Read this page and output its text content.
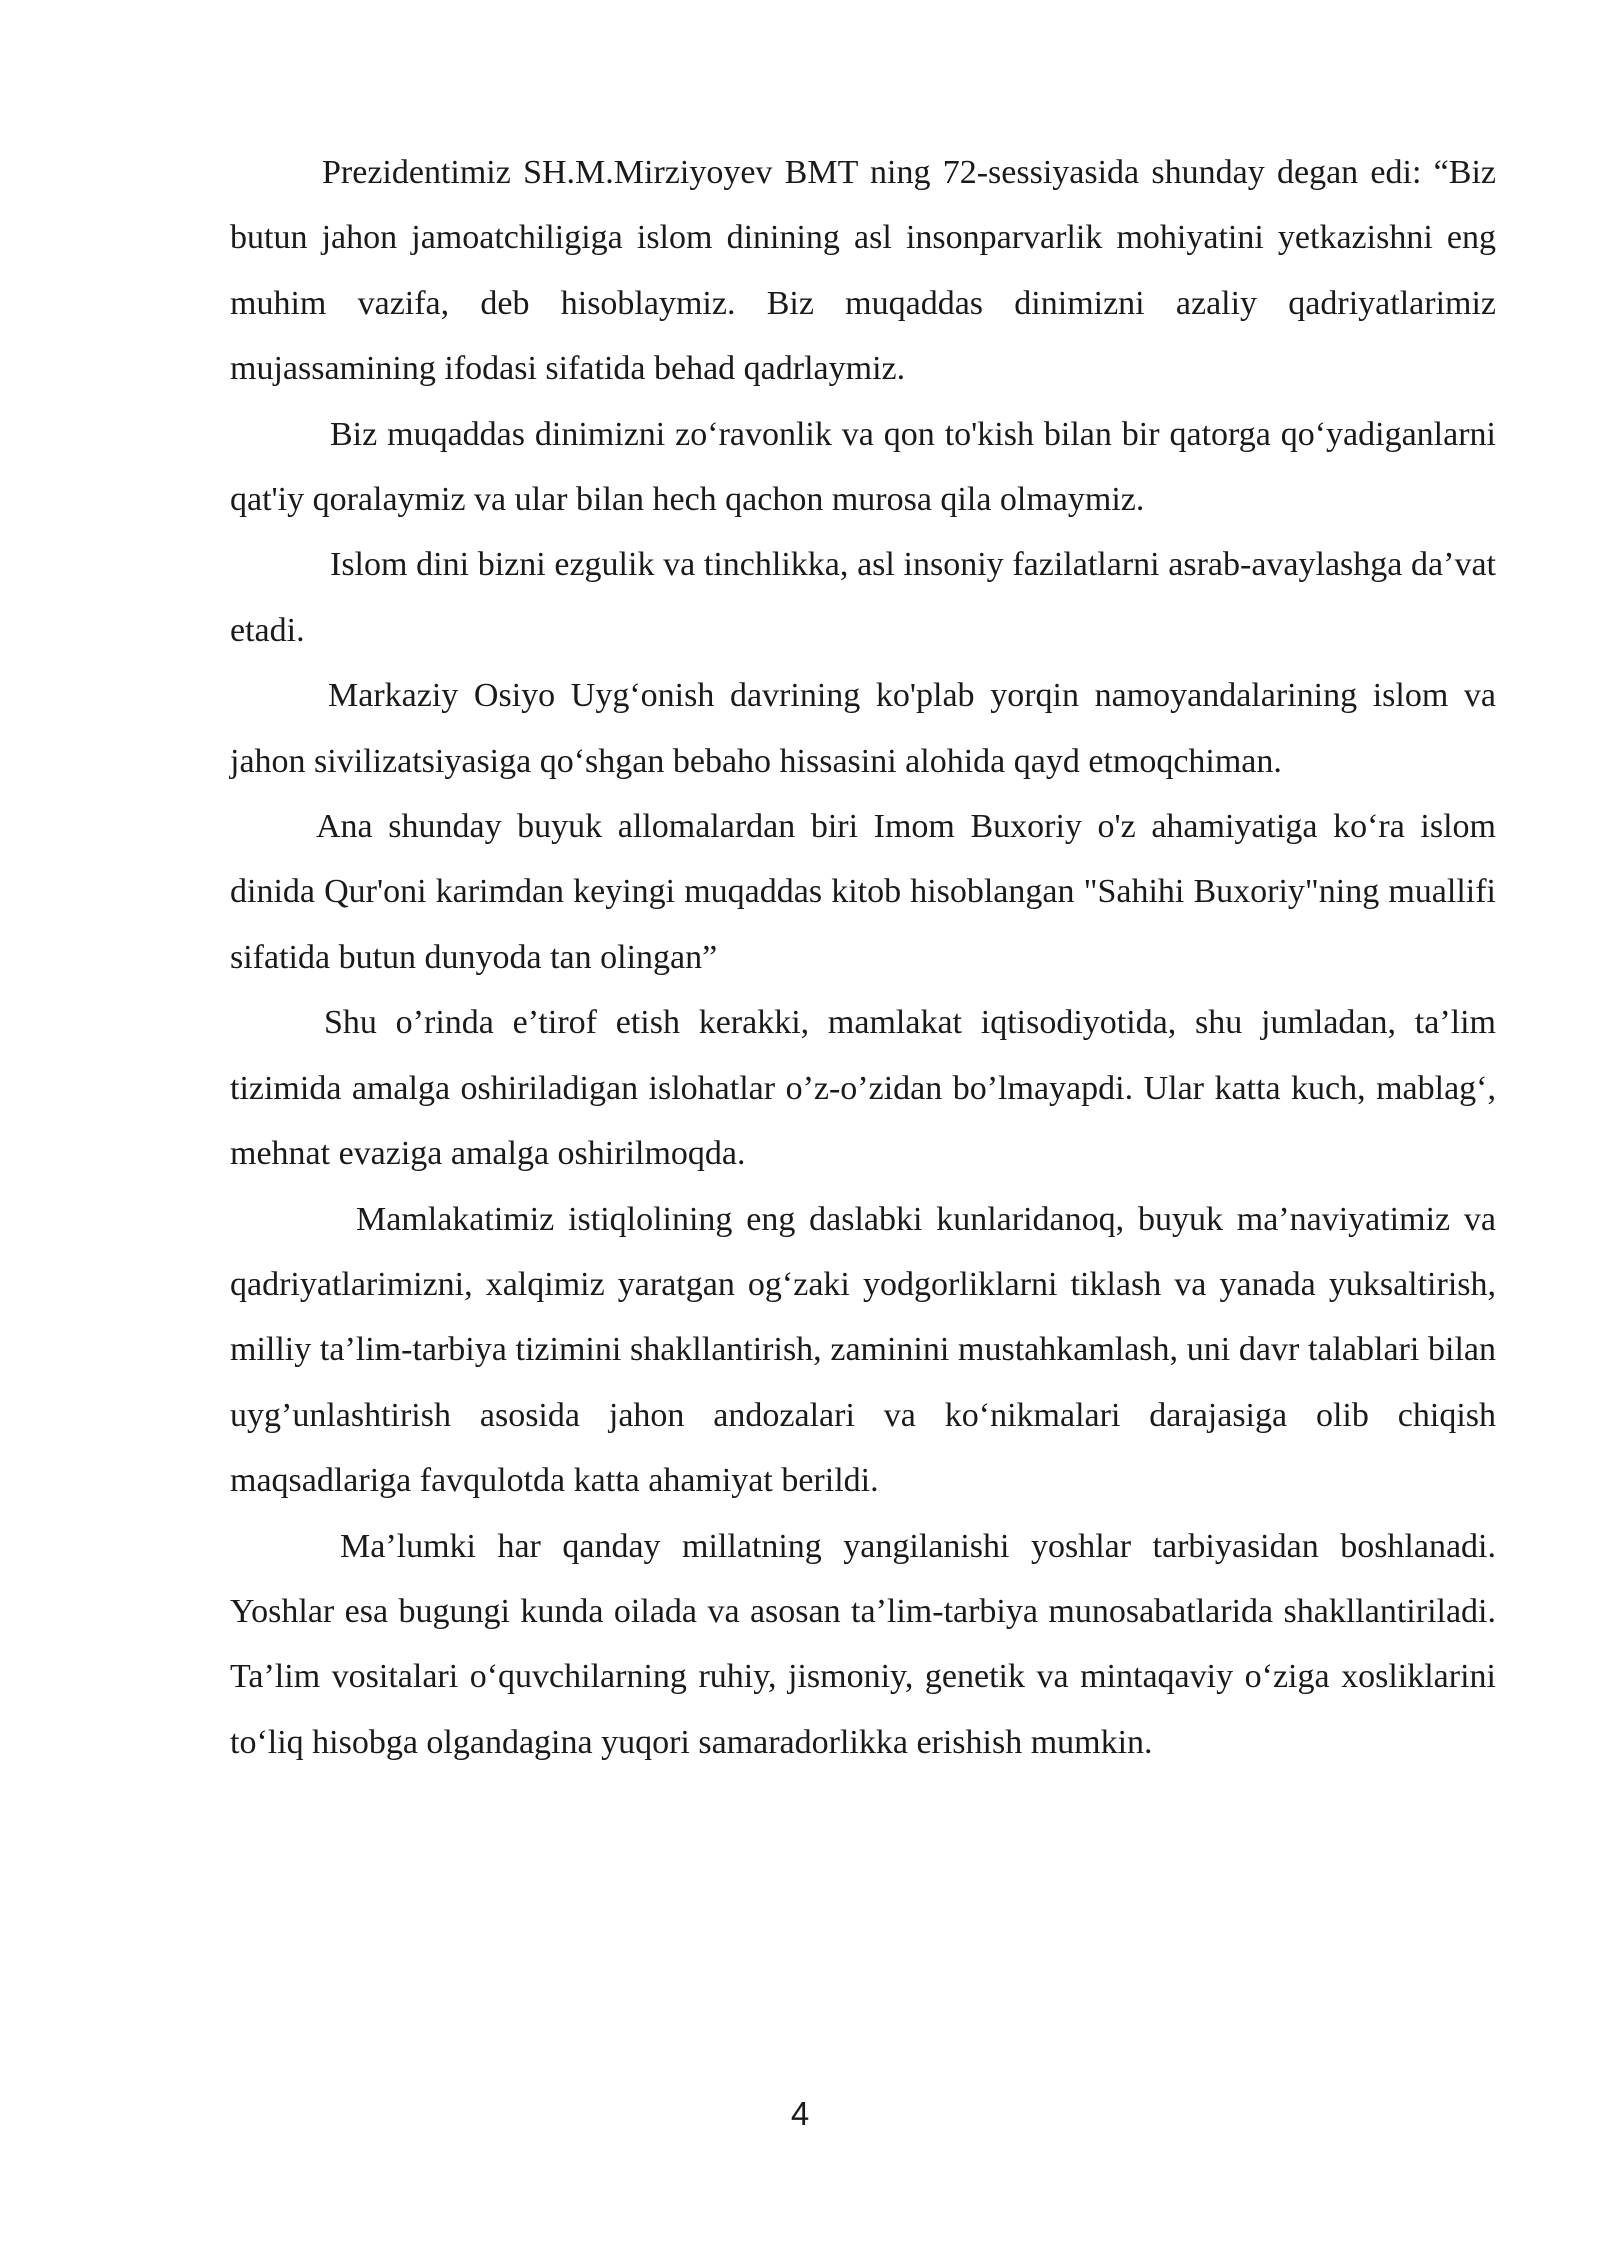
Prezidentimiz SH.M.Mirziyoyev BMT ning 72-sessiyasida shunday degan edi: “Biz butun jahon jamoatchiligiga islom dinining asl insonparvarlik mohiyatini yetkazishni eng muhim vazifa, deb hisoblaymiz. Biz muqaddas dinimizni azaliy qadriyatlarimiz mujassamining ifodasi sifatida behad qadrlaymiz.

Biz muqaddas dinimizni zo‘ravonlik va qon to'kish bilan bir qatorga qo‘yadiganlarni qat'iy qoralaymiz va ular bilan hech qachon murosa qila olmaymiz.

Islom dini bizni ezgulik va tinchlikka, asl insoniy fazilatlarni asrab-avaylashga da’vat etadi.

Markaziy Osiyo Uyg‘onish davrining ko'plab yorqin namoyandalarining islom va jahon sivilizatsiyasiga qo‘shgan bebaho hissasini alohida qayd etmoqchiman.

Ana shunday buyuk allomalardan biri Imom Buxoriy o'z ahamiyatiga ko‘ra islom dinida Qur'oni karimdan keyingi muqaddas kitob hisoblangan "Sahihi Buxoriy"ning muallifi sifatida butun dunyoda tan olingan”

Shu o’rinda e’tirof etish kerakki, mamlakat iqtisodiyotida, shu jumladan, ta’lim tizimida amalga oshiriladigan islohatlar o’z-o’zidan bo’lmayapdi. Ular katta kuch, mablag‘, mehnat evaziga amalga oshirilmoqda.

Mamlakatimiz istiqlolining eng daslabki kunlaridanoq, buyuk ma’naviyatimiz va qadriyatlarimizni, xalqimiz yaratgan og‘zaki yodgorliklarni tiklash va yanada yuksaltirish, milliy ta’lim-tarbiya tizimini shakllantirish, zaminini mustahkamlash, uni davr talablari bilan uyg’unlashtirish asosida jahon andozalari va ko‘nikmalari darajasiga olib chiqish maqsadlariga favqulotda katta ahamiyat berildi.

Ma’lumki har qanday millatning yangilanishi yoshlar tarbiyasidan boshlanadi. Yoshlar esa bugungi kunda oilada va asosan ta’lim-tarbiya munosabatlarida shakllantiriladi. Ta’lim vositalari o‘quvchilarning ruhiy, jismoniy, genetik va mintaqaviy o‘ziga xosliklarini to‘liq hisobga olgandagina yuqori samaradorlikka erishish mumkin.

4
